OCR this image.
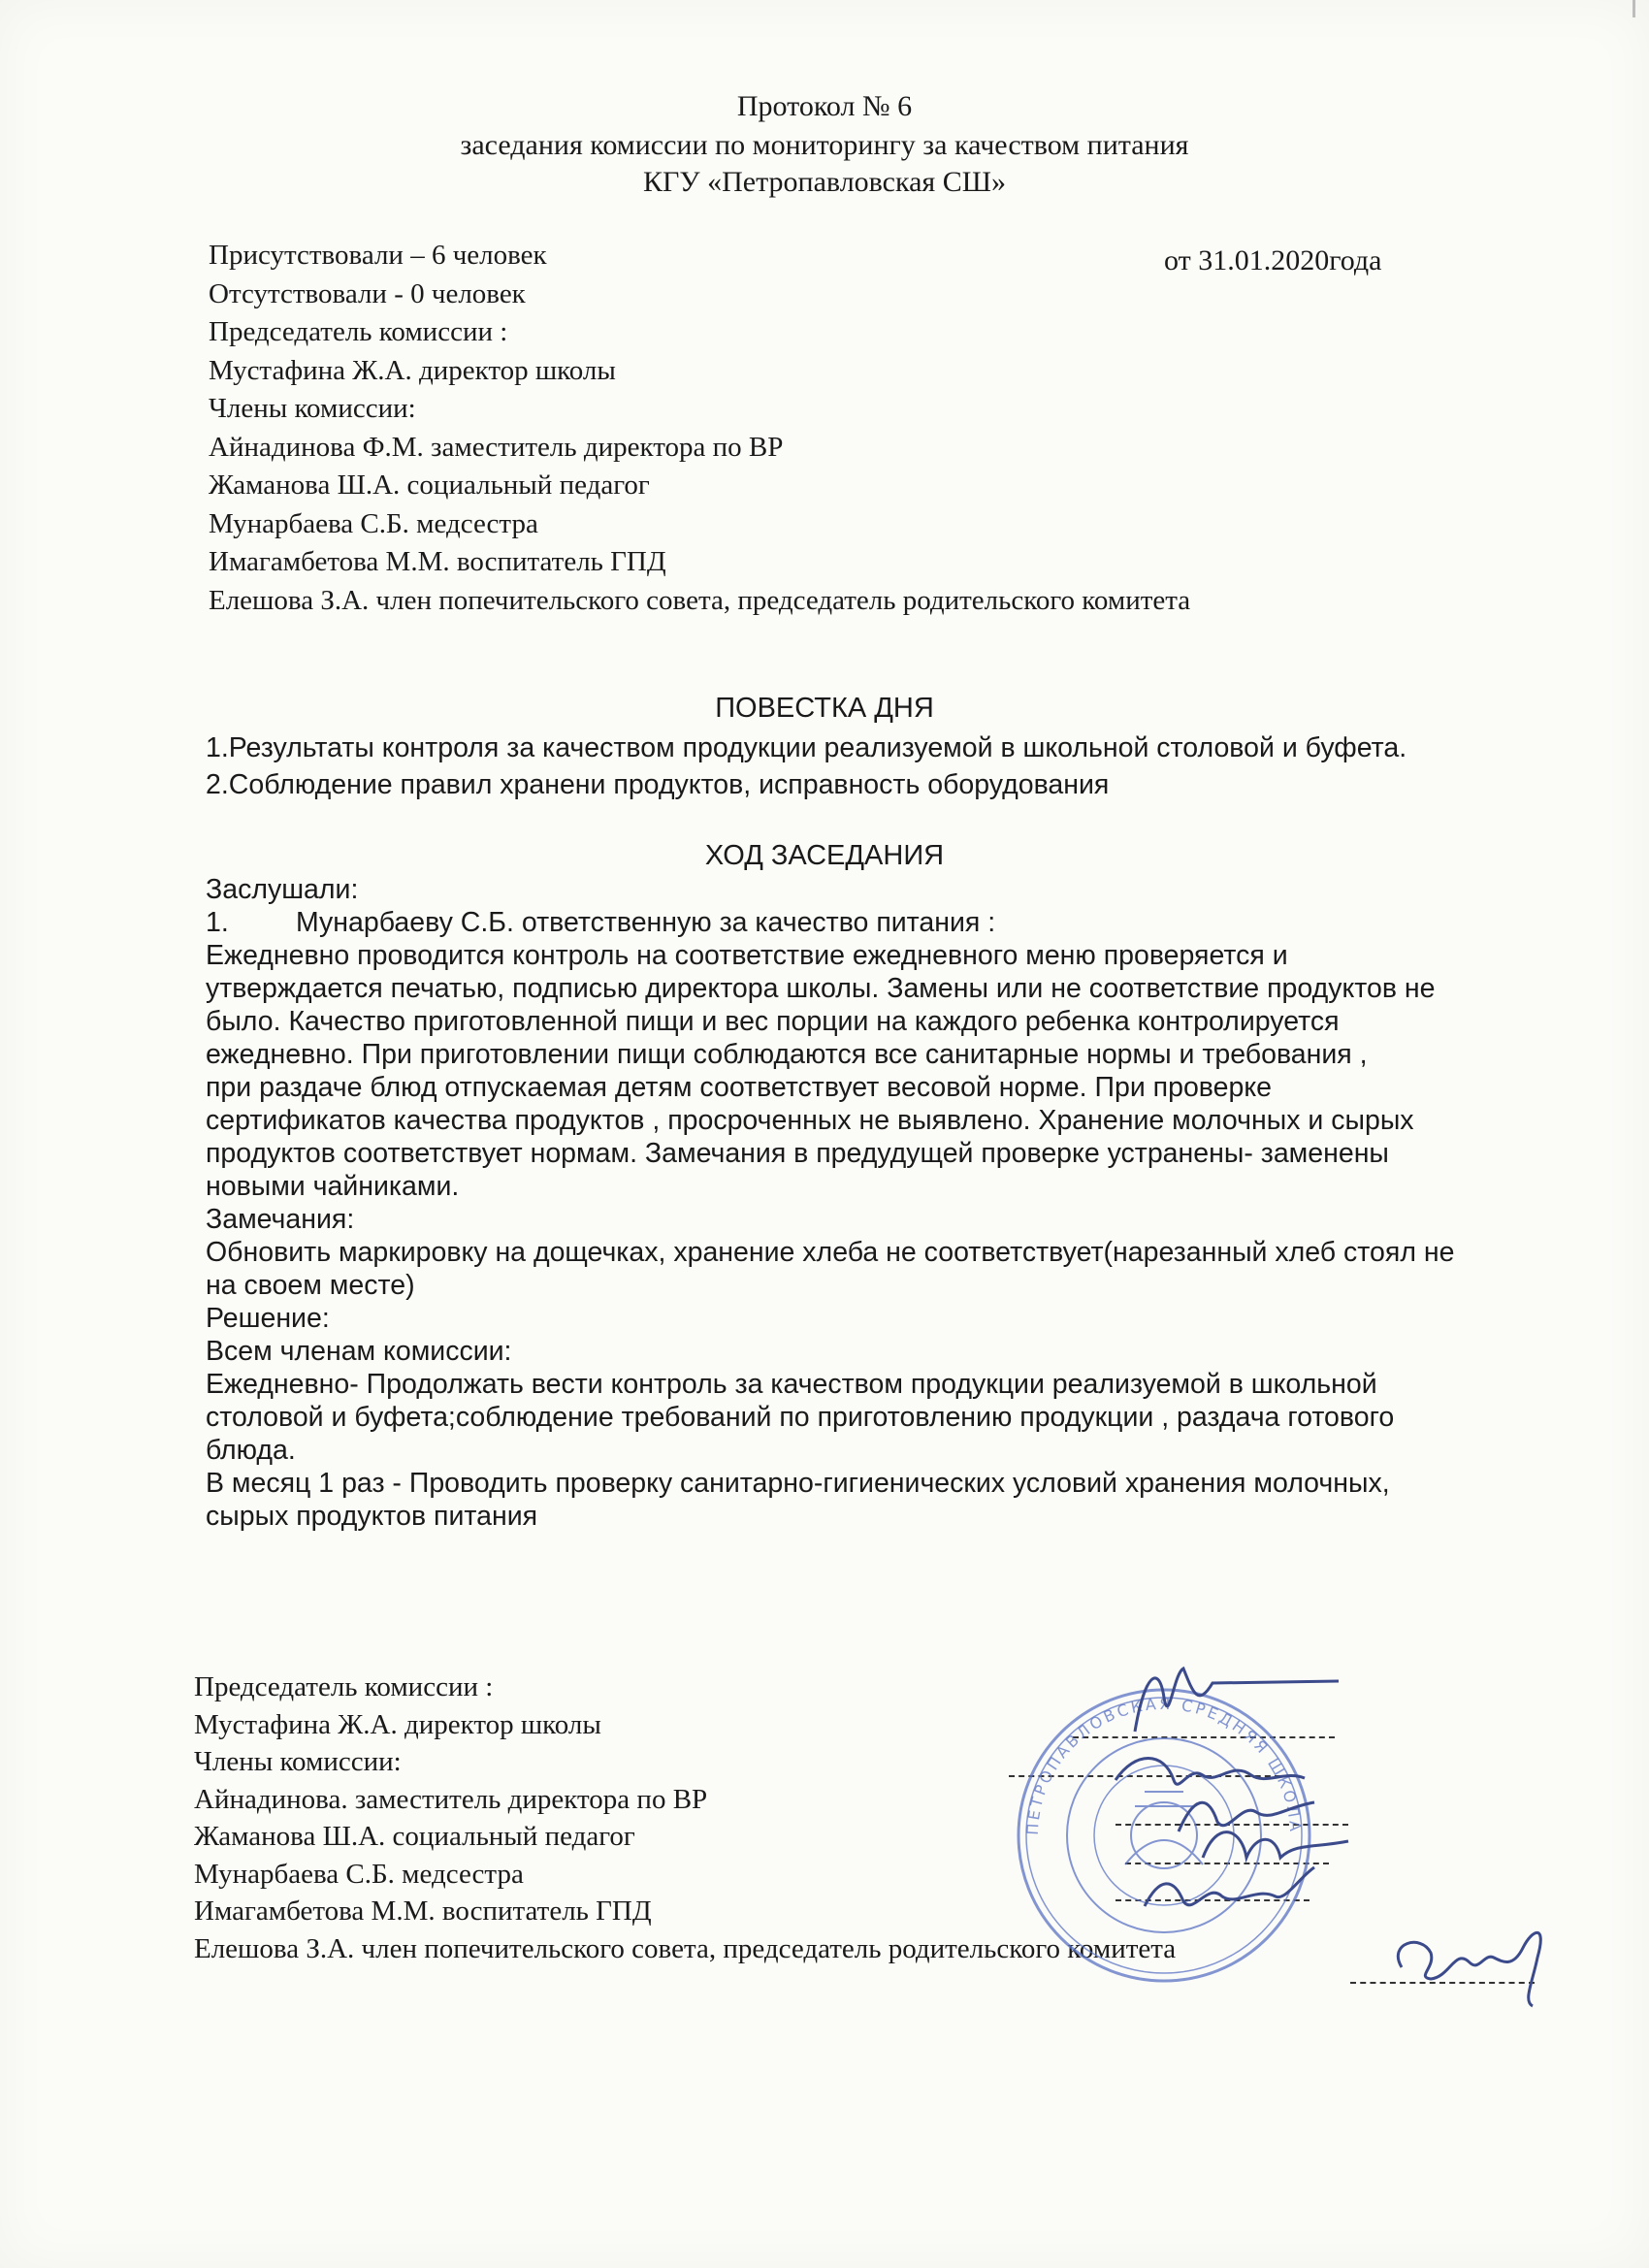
Протокол № 6
заседания комиссии по мониторингу за качеством питания
КГУ «Петропавловская СШ»
Присутствовали – 6 человек
Отсутствовали - 0 человек
Председатель комиссии :
Мустафина Ж.А. директор школы
Члены комиссии:
Айнадинова Ф.М. заместитель директора по ВР
Жаманова Ш.А. социальный педагог
Мунарбаева С.Б. медсестра
Имагамбетова М.М. воспитатель ГПД
Елешова З.А. член попечительского совета, председатель родительского комитета
от 31.01.2020года
ПОВЕСТКА ДНЯ
1.Результаты контроля за качеством продукции реализуемой в школьной столовой и буфета.
2.Соблюдение правил хранени продуктов, исправность оборудования
ХОД ЗАСЕДАНИЯ
Заслушали:
1. Мунарбаеву С.Б. ответственную за качество питания :
Ежедневно проводится контроль на соответствие ежедневного меню проверяется и
утверждается печатью, подписью директора школы. Замены или не соответствие продуктов не
было. Качество приготовленной пищи и вес порции на каждого ребенка контролируется
ежедневно. При приготовлении пищи соблюдаются все санитарные нормы и требования ,
при раздаче блюд отпускаемая детям соответствует весовой норме. При проверке
сертификатов качества продуктов , просроченных не выявлено. Хранение молочных и сырых
продуктов соответствует нормам. Замечания в предудущей проверке устранены- заменены
новыми чайниками.
Замечания:
Обновить маркировку на дощечках, хранение хлеба не соответствует(нарезанный хлеб стоял не
на своем месте)
Решение:
Всем членам комиссии:
Ежедневно- Продолжать вести контроль за качеством продукции реализуемой в школьной
столовой и буфета;соблюдение требований по приготовлению продукции , раздача готового
блюда.
В месяц 1 раз - Проводить проверку санитарно-гигиенических условий хранения молочных,
сырых продуктов питания
Председатель комиссии :
Мустафина Ж.А. директор школы
Члены комиссии:
Айнадинова. заместитель директора по ВР
Жаманова Ш.А. социальный педагог
Мунарбаева С.Б. медсестра
Имагамбетова М.М. воспитатель ГПД
Елешова З.А. член попечительского совета, председатель родительского комитета
ПЕТРОПАВЛОВСКАЯ СРЕДНЯЯ ШКОЛА
